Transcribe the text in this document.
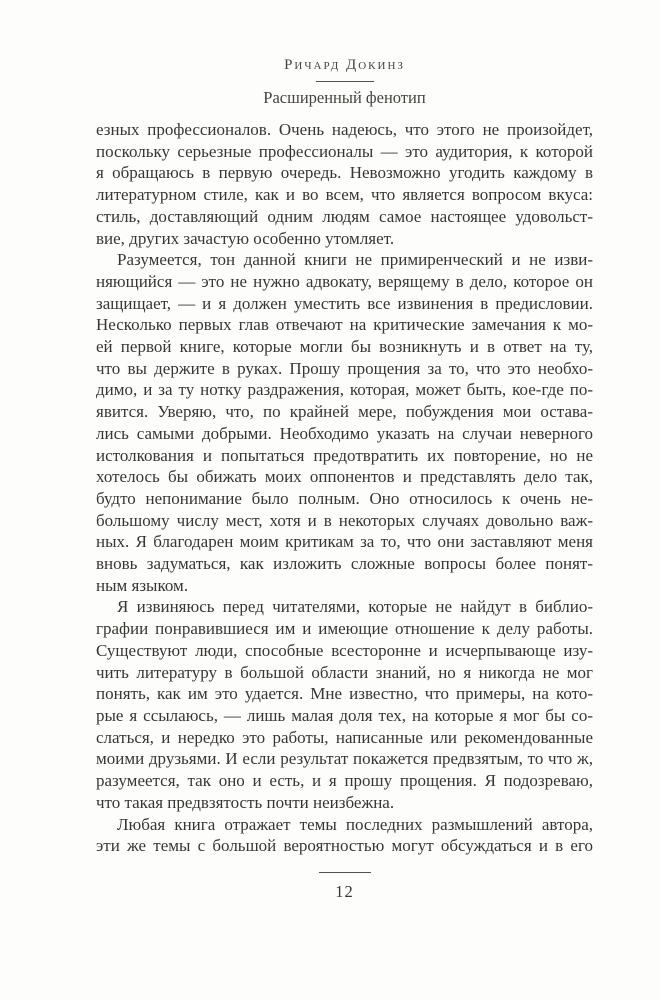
Ричард Докинз
Расширенный фенотип
езных профессионалов. Очень надеюсь, что этого не произойдет,
поскольку серьезные профессионалы — это аудитория, к которой
я обращаюсь в первую очередь. Невозможно угодить каждому в
литературном стиле, как и во всем, что является вопросом вкуса:
стиль, доставляющий одним людям самое настоящее удовольст-
вие, других зачастую особенно утомляет.
Разумеется, тон данной книги не примиренческий и не изви-
няющийся — это не нужно адвокату, верящему в дело, которое он
защищает, — и я должен уместить все извинения в предисловии.
Несколько первых глав отвечают на критические замечания к мо-
ей первой книге, которые могли бы возникнуть и в ответ на ту,
что вы держите в руках. Прошу прощения за то, что это необхо-
димо, и за ту нотку раздражения, которая, может быть, кое-где по-
явится. Уверяю, что, по крайней мере, побуждения мои остава-
лись самыми добрыми. Необходимо указать на случаи неверного
истолкования и попытаться предотвратить их повторение, но не
хотелось бы обижать моих оппонентов и представлять дело так,
будто непонимание было полным. Оно относилось к очень не-
большому числу мест, хотя и в некоторых случаях довольно важ-
ных. Я благодарен моим критикам за то, что они заставляют меня
вновь задуматься, как изложить сложные вопросы более понят-
ным языком.
Я извиняюсь перед читателями, которые не найдут в библио-
графии понравившиеся им и имеющие отношение к делу работы.
Существуют люди, способные всесторонне и исчерпывающе изу-
чить литературу в большой области знаний, но я никогда не мог
понять, как им это удается. Мне известно, что примеры, на кото-
рые я ссылаюсь, — лишь малая доля тех, на которые я мог бы со-
слаться, и нередко это работы, написанные или рекомендованные
моими друзьями. И если результат покажется предвзятым, то что ж,
разумеется, так оно и есть, и я прошу прощения. Я подозреваю,
что такая предвзятость почти неизбежна.
Любая книга отражает темы последних размышлений автора,
эти же темы с большой вероятностью могут обсуждаться и в его
12
